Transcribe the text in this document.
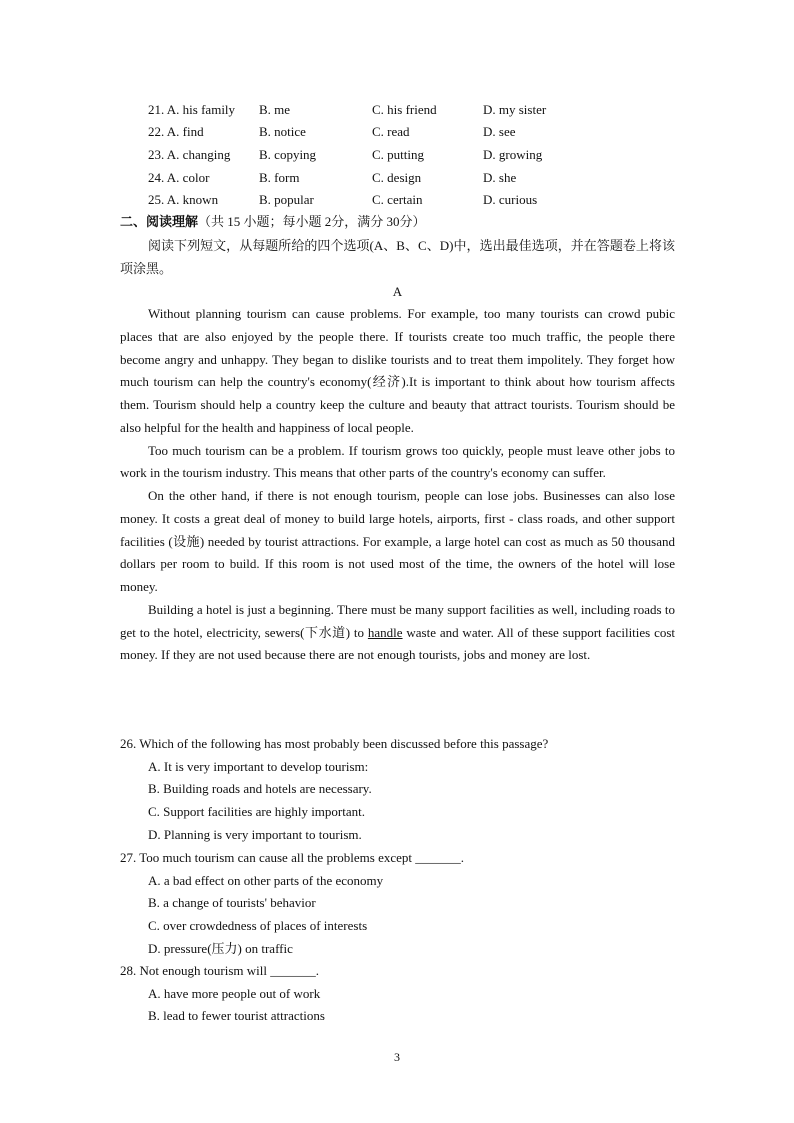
21. A. his family B. me	C. his friend	D. my sister
22. A. find	B. notice	C. read	D. see
23. A. changing B. copying	C. putting	D. growing
24. A. color	B. form	C. design	D. she
25. A. known	B. popular	C. certain	D. curious
二、阅读理解（共 15 小题；每小题 2分，满分 30分）
阅读下列短文，从每题所给的四个选项(A、B、C、D)中，选出最佳选项，并在答题卷上将该项涂黑。
A

Without planning tourism can cause problems. For example, too many tourists can crowd pubic places that are also enjoyed by the people there. If tourists create too much traffic, the people there become angry and unhappy. They began to dislike tourists and to treat them impolitely. They forget how much tourism can help the country's economy(经济).It is important to think about how tourism affects them. Tourism should help a country keep the culture and beauty that attract tourists. Tourism should be also helpful for the health and happiness of local people.

Too much tourism can be a problem. If tourism grows too quickly, people must leave other jobs to work in the tourism industry. This means that other parts of the country's economy can suffer.

On the other hand, if there is not enough tourism, people can lose jobs. Businesses can also lose money. It costs a great deal of money to build large hotels, airports, first - class roads, and other support facilities (设施) needed by tourist attractions. For example, a large hotel can cost as much as 50 thousand dollars per room to build. If this room is not used most of the time, the owners of the hotel will lose money.

Building a hotel is just a beginning. There must be many support facilities as well, including roads to get to the hotel, electricity, sewers(下水道) to handle waste and water. All of these support facilities cost money. If they are not used because there are not enough tourists, jobs and money are lost.

26. Which of the following has most probably been discussed before this passage?

A. It is very important to develop tourism:

B. Building roads and hotels are necessary.

C. Support facilities are highly important.

D. Planning is very important to tourism.

27. Too much tourism can cause all the problems except _______.

A. a bad effect on other parts of the economy

B. a change of tourists' behavior

C. over crowdedness of places of interests

D. pressure(压力) on traffic

28. Not enough tourism will _______.

A. have more people out of work

B. lead to fewer tourist attractions

3
